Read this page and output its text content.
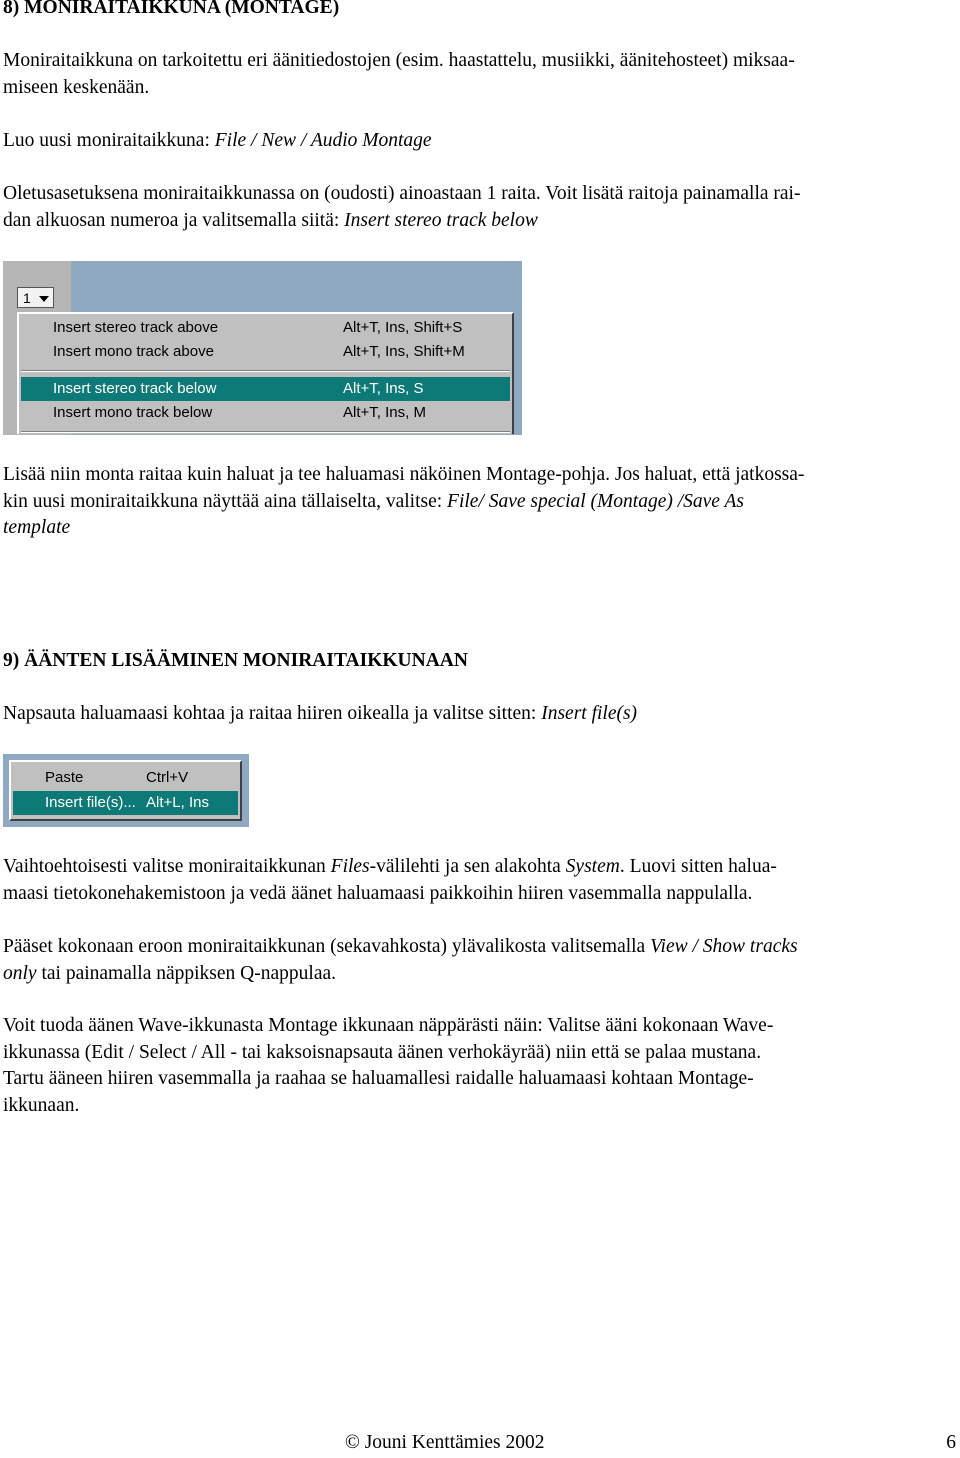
8) MONIRAITAIKKUNA (MONTAGE)

Moniraitaikkuna on tarkoitettu eri äänitiedostojen (esim. haastattelu, musiikki, äänitehosteet) miksaa-
miseen keskenään.

Luo uusi moniraitaikkuna: File / New / Audio Montage

Oletusasetuksena moniraitaikkunassa on (oudosti) ainoastaan 1 raita. Voit lisätä raitoja painamalla rai-
dan alkuosan numeroa ja valitsemalla siitä: Insert stereo track below

1
Insert stereo track above	Alt+T, Ins, Shift+S
Insert mono track above	Alt+T, Ins, Shift+M
Insert stereo track below	Alt+T, Ins, S
Insert mono track below	Alt+T, Ins, M

Lisää niin monta raitaa kuin haluat ja tee haluamasi näköinen Montage-pohja. Jos haluat, että jatkossa-
kin uusi moniraitaikkuna näyttää aina tällaiselta, valitse: File/ Save special (Montage) /Save As
template

9) ÄÄNTEN LISÄÄMINEN MONIRAITAIKKUNAAN

Napsauta haluamaasi kohtaa ja raitaa hiiren oikealla ja valitse sitten: Insert file(s)

Paste	Ctrl+V
Insert file(s)... Alt+L, Ins

Vaihtoehtoisesti valitse moniraitaikkunan Files-välilehti ja sen alakohta System. Luovi sitten halua-
maasi tietokonehakemistoon ja vedä äänet haluamaasi paikkoihin hiiren vasemmalla nappulalla.

Pääset kokonaan eroon moniraitaikkunan (sekavahkosta) ylävalikosta valitsemalla View / Show tracks
only tai painamalla näppiksen Q-nappulaa.

Voit tuoda äänen Wave-ikkunasta Montage ikkunaan näppärästi näin: Valitse ääni kokonaan Wave-
ikkunassa (Edit / Select / All - tai kaksoisnapsauta äänen verhokäyrää) niin että se palaa mustana.
Tartu ääneen hiiren vasemmalla ja raahaa se haluamallesi raidalle haluamaasi kohtaan Montage-
ikkunaan.

© Jouni Kenttämies 2002	6
